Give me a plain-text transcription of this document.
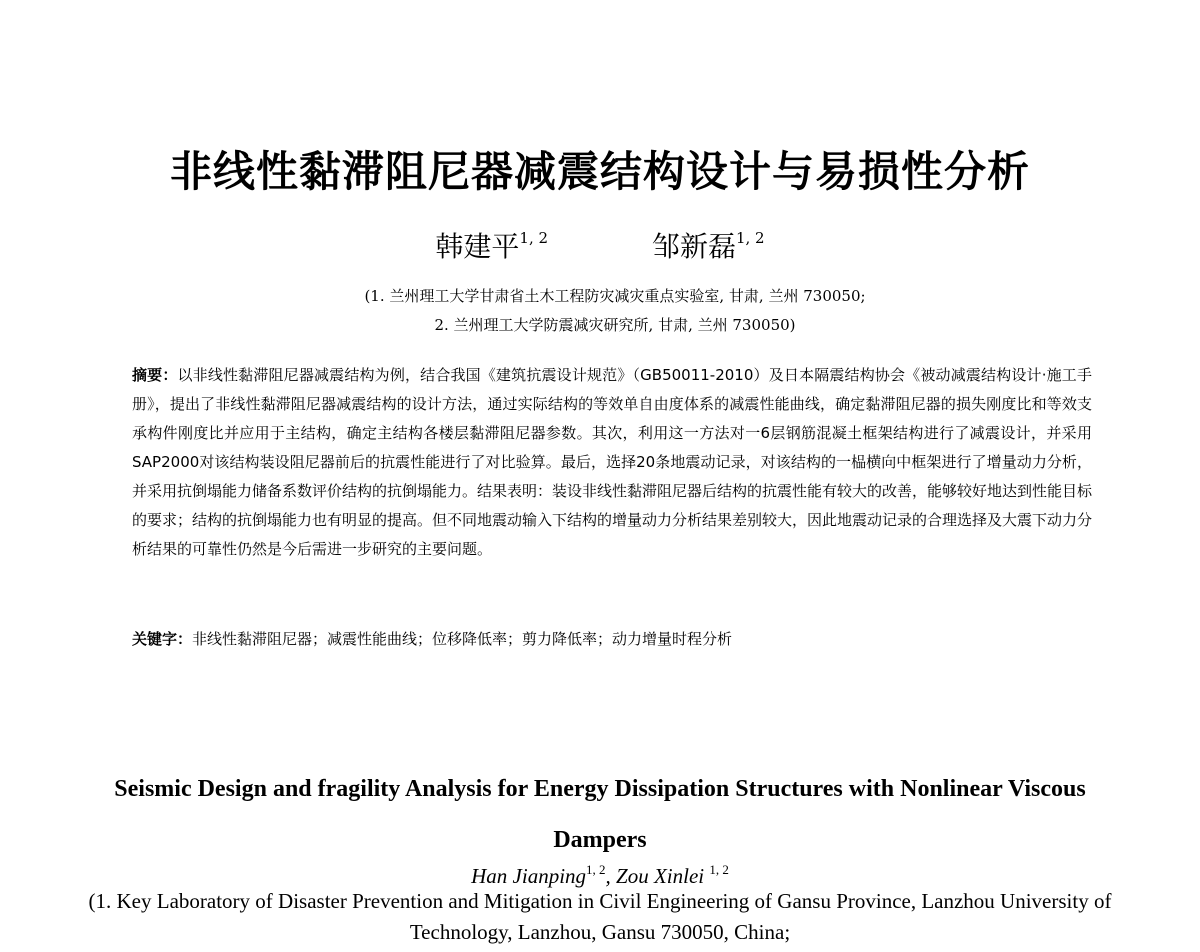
非线性黏滞阻尼器减震结构设计与易损性分析
韩建平$^{1, 2}$	邹新磊$^{1, 2}$
(1. 兰州理工大学甘肃省土木工程防灾减灾重点实验室, 甘肃, 兰州 730050;
2. 兰州理工大学防震减灾研究所, 甘肃, 兰州 730050)
摘要：以非线性黏滞阻尼器减震结构为例，结合我国《建筑抗震设计规范》（GB50011-2010）及日本隔震结构协会《被动减震结构设计·施工手册》，提出了非线性黏滞阻尼器减震结构的设计方法，通过实际结构的等效单自由度体系的减震性能曲线，确定黏滞阻尼器的损失刚度比和等效支承构件刚度比并应用于主结构，确定主结构各楼层黏滞阻尼器参数。其次，利用这一方法对一6层钢筋混凝土框架结构进行了减震设计，并采用SAP2000对该结构装设阻尼器前后的抗震性能进行了对比验算。最后，选择20条地震动记录，对该结构的一榀横向中框架进行了增量动力分析，并采用抗倒塌能力储备系数评价结构的抗倒塌能力。结果表明：装设非线性黏滞阻尼器后结构的抗震性能有较大的改善，能够较好地达到性能目标的要求；结构的抗倒塌能力也有明显的提高。但不同地震动输入下结构的增量动力分析结果差别较大，因此地震动记录的合理选择及大震下动力分析结果的可靠性仍然是今后需进一步研究的主要问题。
关键字：非线性黏滞阻尼器；减震性能曲线；位移降低率；剪力降低率；动力增量时程分析
Seismic Design and fragility Analysis for Energy Dissipation Structures with Nonlinear Viscous Dampers
Han Jianping$^{1, 2}$, Zou Xinlei $^{1, 2}$
(1. Key Laboratory of Disaster Prevention and Mitigation in Civil Engineering of Gansu Province, Lanzhou University of Technology, Lanzhou, Gansu 730050, China;
